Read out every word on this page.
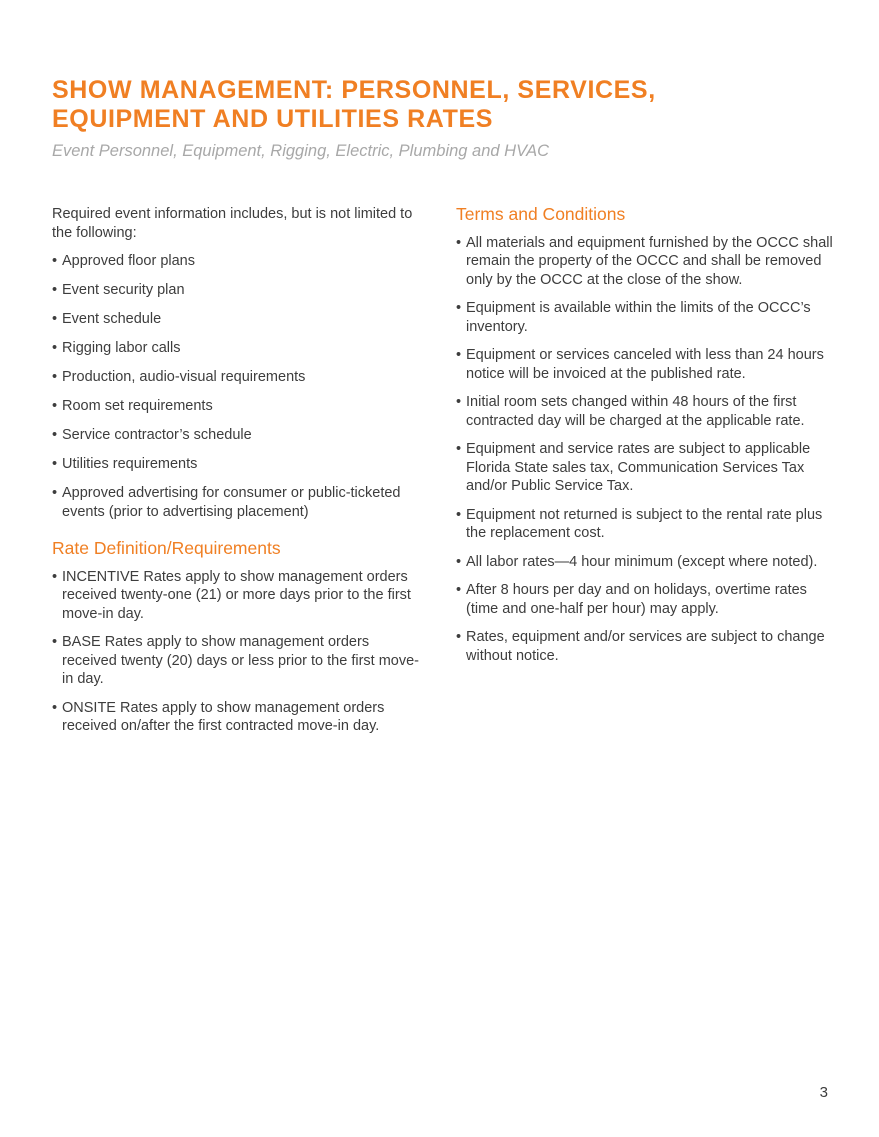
SHOW MANAGEMENT: PERSONNEL, SERVICES, EQUIPMENT AND UTILITIES RATES
Event Personnel, Equipment, Rigging, Electric, Plumbing and HVAC

Required event information includes, but is not limited to the following:

• Approved floor plans
• Event security plan
• Event schedule
• Rigging labor calls
• Production, audio-visual requirements
• Room set requirements
• Service contractor’s schedule
• Utilities requirements
• Approved advertising for consumer or public-ticketed events (prior to advertising placement)
Rate Definition/Requirements
• INCENTIVE Rates apply to show management orders received twenty-one (21) or more days prior to the first move-in day.
• BASE Rates apply to show management orders received twenty (20) days or less prior to the first move-in day.
• ONSITE Rates apply to show management orders received on/after the first contracted move-in day.
Terms and Conditions
• All materials and equipment furnished by the OCCC shall remain the property of the OCCC and shall be removed only by the OCCC at the close of the show.
• Equipment is available within the limits of the OCCC’s inventory.
• Equipment or services canceled with less than 24 hours notice will be invoiced at the published rate.
• Initial room sets changed within 48 hours of the first contracted day will be charged at the applicable rate.
• Equipment and service rates are subject to applicable Florida State sales tax, Communication Services Tax and/or Public Service Tax.
• Equipment not returned is subject to the rental rate plus the replacement cost.
• All labor rates—4 hour minimum (except where noted).
• After 8 hours per day and on holidays, overtime rates (time and one-half per hour) may apply.
• Rates, equipment and/or services are subject to change without notice.
3
